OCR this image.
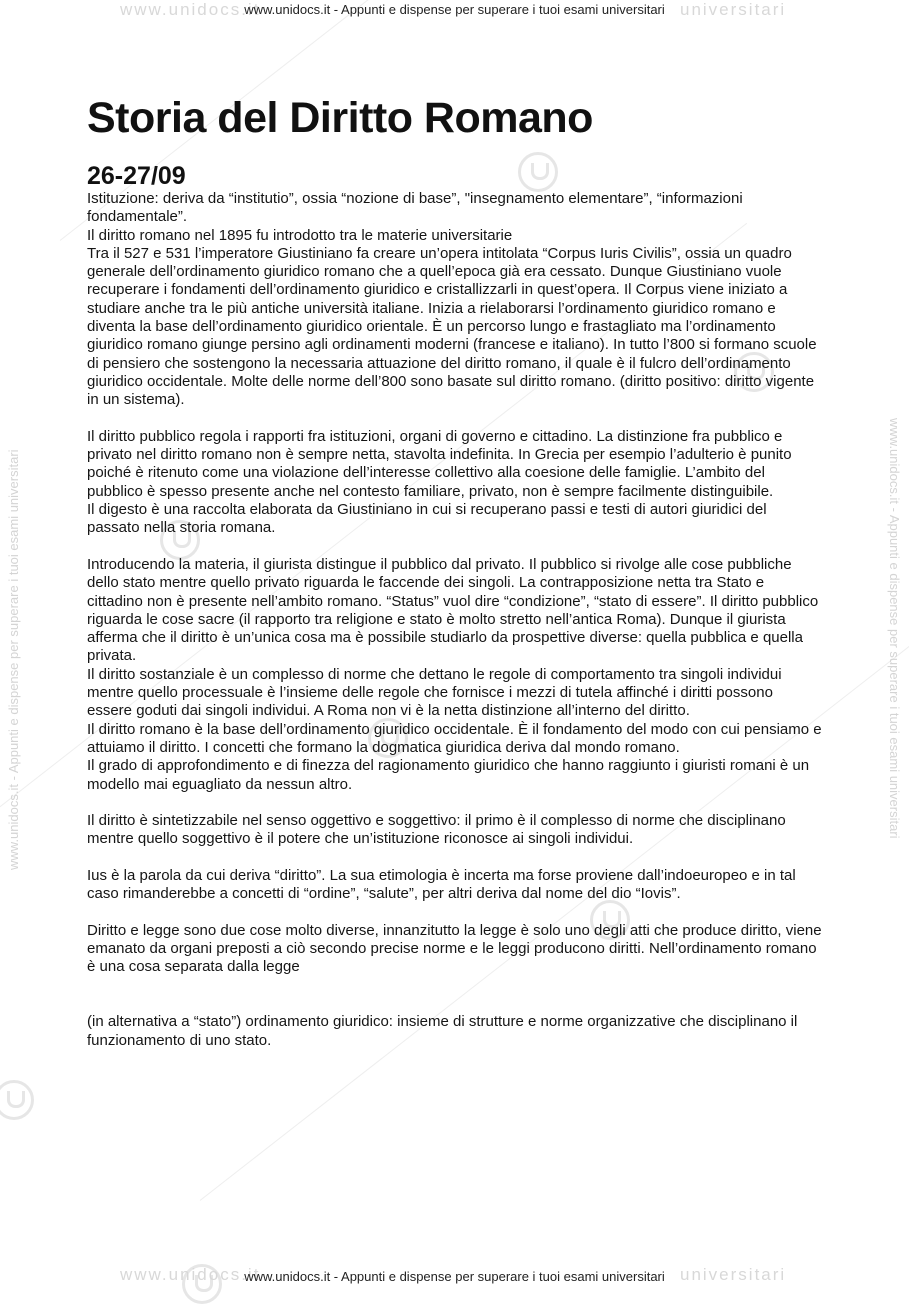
www.unidocs.it	universitari
www.unidocs.it - Appunti e dispense per superare i tuoi esami universitari
www.unidocs.it - Appunti e dispense per superare i tuoi esami universitari	www.unidocs.it - Appunti e dispense per superare i tuoi esami universitari
Storia del Diritto Romano
26-27/09

Istituzione: deriva da “institutio”, ossia “nozione di base”, "insegnamento elementare”, “informazioni fondamentale”.

Il diritto romano nel 1895 fu introdotto tra le materie universitarie

Tra il 527 e 531 l’imperatore Giustiniano fa creare un’opera intitolata “Corpus Iuris Civilis”, ossia un quadro generale dell’ordinamento giuridico romano che a quell’epoca già era cessato. Dunque Giustiniano vuole recuperare i fondamenti dell’ordinamento giuridico e cristallizzarli in quest’opera. Il Corpus viene iniziato a studiare anche tra le più antiche università italiane. Inizia a rielaborarsi l’ordinamento giuridico romano e diventa la base dell’ordinamento giuridico orientale. È un percorso lungo e frastagliato ma l’ordinamento giuridico romano giunge persino agli ordinamenti moderni (francese e italiano). In tutto l’800 si formano scuole di pensiero che sostengono la necessaria attuazione del diritto romano, il quale è il fulcro dell’ordinamento giuridico occidentale. Molte delle norme dell’800 sono basate sul diritto romano. (diritto positivo: diritto vigente in un sistema).

Il diritto pubblico regola i rapporti fra istituzioni, organi di governo e cittadino. La distinzione fra pubblico e privato nel diritto romano non è sempre netta, stavolta indefinita. In Grecia per esempio l’adulterio è punito poiché è ritenuto come una violazione dell’interesse collettivo alla coesione delle famiglie. L’ambito del pubblico è spesso presente anche nel contesto familiare, privato, non è sempre facilmente distinguibile.

Il digesto è una raccolta elaborata da Giustiniano in cui si recuperano passi e testi di autori giuridici del passato nella storia romana.

Introducendo la materia, il giurista distingue il pubblico dal privato. Il pubblico si rivolge alle cose pubbliche dello stato mentre quello privato riguarda le faccende dei singoli. La contrapposizione netta tra Stato e cittadino non è presente nell’ambito romano. “Status” vuol dire “condizione”, “stato di essere”. Il diritto pubblico riguarda le cose sacre (il rapporto tra religione e stato è molto stretto nell’antica Roma). Dunque il giurista afferma che il diritto è un’unica cosa ma è possibile studiarlo da prospettive diverse: quella pubblica e quella privata.

Il diritto sostanziale è un complesso di norme che dettano le regole di comportamento tra singoli individui mentre quello processuale è l’insieme delle regole che fornisce i mezzi di tutela affinché i diritti possono essere goduti dai singoli individui. A Roma non vi è la netta distinzione all’interno del diritto.

Il diritto romano è la base dell’ordinamento giuridico occidentale. È il fondamento del modo con cui pensiamo e attuiamo il diritto. I concetti che formano la dogmatica giuridica deriva dal mondo romano.

Il grado di approfondimento e di finezza del ragionamento giuridico che hanno raggiunto i giuristi romani è un modello mai eguagliato da nessun altro.

Il diritto è sintetizzabile nel senso oggettivo e soggettivo: il primo è il complesso di norme che disciplinano mentre quello soggettivo è il potere che un’istituzione riconosce ai singoli individui.

Ius è la parola da cui deriva “diritto”. La sua etimologia è incerta ma forse proviene dall’indoeuropeo e in tal caso rimanderebbe a concetti di “ordine”, “salute”, per altri deriva dal nome del dio “Iovis”.

Diritto e legge sono due cose molto diverse, innanzitutto la legge è solo uno degli atti che produce diritto, viene emanato da organi preposti a ciò secondo precise norme e le leggi producono diritti. Nell’ordinamento romano è una cosa separata dalla legge

(in alternativa a “stato”) ordinamento giuridico: insieme di strutture e norme organizzative che disciplinano il funzionamento di uno stato.

www.unidocs.it	universitari
www.unidocs.it - Appunti e dispense per superare i tuoi esami universitari
